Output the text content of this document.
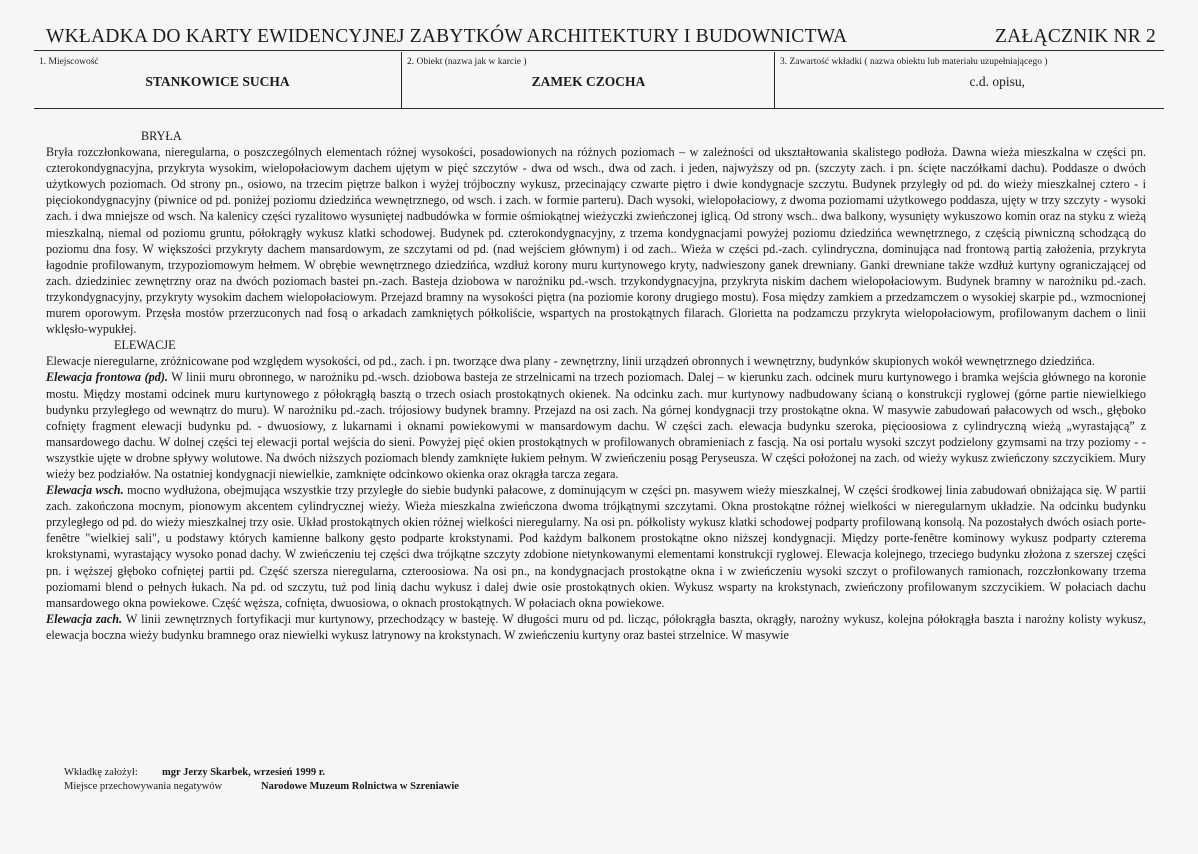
WKŁADKA DO KARTY EWIDENCYJNEJ ZABYTKÓW ARCHITEKTURY I BUDOWNICTWA	ZAŁĄCZNIK NR 2
1. Miejscowość
STANKOWICE SUCHA
2. Obiekt (nazwa jak w karcie )
ZAMEK CZOCHA
3. Zawartość wkładki ( nazwa obiektu lub materiału uzupełniającego )
c.d. opisu,

BRYŁA

Bryła rozczłonkowana, nieregularna, o poszczególnych elementach różnej wysokości, posadowionych na różnych poziomach – w zależności od ukształtowania skalistego podłoża. Dawna wieża mieszkalna w części pn. czterokondygnacyjna, przykryta wysokim, wielopołaciowym dachem ujętym w pięć szczytów - dwa od wsch., dwa od zach. i jeden, najwyższy od pn. (szczyty zach. i pn. ścięte naczółkami dachu). Poddasze o dwóch użytkowych poziomach. Od strony pn., osiowo, na trzecim piętrze balkon i wyżej trójboczny wykusz, przecinający czwarte piętro i dwie kondygnacje szczytu. Budynek przyległy od pd. do wieży mieszkalnej cztero - i pięciokondygnacyjny (piwnice od pd. poniżej poziomu dziedzińca wewnętrznego, od wsch. i zach. w formie parteru). Dach wysoki, wielopołaciowy, z dwoma poziomami użytkowego poddasza, ujęty w trzy szczyty - wysoki zach. i dwa mniejsze od wsch. Na kalenicy części ryzalitowo wysuniętej nadbudówka w formie ośmiokątnej wieżyczki zwieńczonej iglicą. Od strony wsch.. dwa balkony, wysunięty wykuszowo komin oraz na styku z wieżą mieszkalną, niemal od poziomu gruntu, półokrągły wykusz klatki schodowej. Budynek pd. czterokondygnacyjny, z trzema kondygnacjami powyżej poziomu dziedzińca wewnętrznego, z częścią piwniczną schodzącą do poziomu dna fosy. W większości przykryty dachem mansardowym, ze szczytami od pd. (nad wejściem głównym) i od zach.. Wieża w części pd.-zach. cylindryczna, dominująca nad frontową partią założenia, przykryta łagodnie profilowanym, trzypoziomowym hełmem. W obrębie wewnętrznego dziedzińca, wzdłuż korony muru kurtynowego kryty, nadwieszony ganek drewniany. Ganki drewniane także wzdłuż kurtyny ograniczającej od zach. dziedziniec zewnętrzny oraz na dwóch poziomach bastei pn.-zach. Basteja dziobowa w narożniku pd.-wsch. trzykondygnacyjna, przykryta niskim dachem wielopołaciowym. Budynek bramny w narożniku pd.-zach. trzykondygnacyjny, przykryty wysokim dachem wielopołaciowym. Przejazd bramny na wysokości piętra (na poziomie korony drugiego mostu). Fosa między zamkiem a przedzamczem o wysokiej skarpie pd., wzmocnionej murem oporowym. Przęsła mostów przerzuconych nad fosą o arkadach zamkniętych półkoliście, wspartych na prostokątnych filarach. Glorietta na podzamczu przykryta wielopołaciowym, profilowanym dachem o linii wklęsło-wypukłej.

ELEWACJE

Elewacje nieregularne, zróżnicowane pod względem wysokości, od pd., zach. i pn. tworzące dwa plany - zewnętrzny, linii urządzeń obronnych i wewnętrzny, budynków skupionych wokół wewnętrznego dziedzińca.

Elewacja frontowa (pd). W linii muru obronnego, w narożniku pd.-wsch. dziobowa basteja ze strzelnicami na trzech poziomach. Dalej – w kierunku zach. odcinek muru kurtynowego i bramka wejścia głównego na koronie mostu. Między mostami odcinek muru kurtynowego z półokrągłą basztą o trzech osiach prostokątnych okienek. Na odcinku zach. mur kurtynowy nadbudowany ścianą o konstrukcji ryglowej (górne partie niewielkiego budynku przyległego od wewnątrz do muru). W narożniku pd.-zach. trójosiowy budynek bramny. Przejazd na osi zach. Na górnej kondygnacji trzy prostokątne okna. W masywie zabudowań pałacowych od wsch., głęboko cofnięty fragment elewacji budynku pd. - dwuosiowy, z lukarnami i oknami powiekowymi w mansardowym dachu. W części zach. elewacja budynku szeroka, pięcioosiowa z cylindryczną wieżą „wyrastającą” z mansardowego dachu. W dolnej części tej elewacji portal wejścia do sieni. Powyżej pięć okien prostokątnych w profilowanych obramieniach z fascją. Na osi portalu wysoki szczyt podzielony gzymsami na trzy poziomy - - wszystkie ujęte w drobne spływy wolutowe. Na dwóch niższych poziomach blendy zamknięte łukiem pełnym. W zwieńczeniu posąg Peryseusza. W części położonej na zach. od wieży wykusz zwieńczony szczycikiem. Mury wieży bez podziałów. Na ostatniej kondygnacji niewielkie, zamknięte odcinkowo okienka oraz okrągła tarcza zegara.

Elewacja wsch. mocno wydłużona, obejmująca wszystkie trzy przyległe do siebie budynki pałacowe, z dominującym w części pn. masywem wieży mieszkalnej, W części środkowej linia zabudowań obniżająca się. W partii zach. zakończona mocnym, pionowym akcentem cylindrycznej wieży. Wieża mieszkalna zwieńczona dwoma trójkątnymi szczytami. Okna prostokątne różnej wielkości w nieregularnym układzie. Na odcinku budynku przyległego od pd. do wieży mieszkalnej trzy osie. Układ prostokątnych okien różnej wielkości nieregularny. Na osi pn. półkolisty wykusz klatki schodowej podparty profilowaną konsolą. Na pozostałych dwóch osiach porte-fenêtre "wielkiej sali", u podstawy których kamienne balkony gęsto podparte krokstynami. Pod każdym balkonem prostokątne okno niższej kondygnacji. Między porte-fenêtre kominowy wykusz podparty czterema krokstynami, wyrastający wysoko ponad dachy. W zwieńczeniu tej części dwa trójkątne szczyty zdobione nietynkowanymi elementami konstrukcji ryglowej. Elewacja kolejnego, trzeciego budynku złożona z szerszej części pn. i węższej głęboko cofniętej partii pd. Część szersza nieregularna, czteroosiowa. Na osi pn., na kondygnacjach prostokątne okna i w zwieńczeniu wysoki szczyt o profilowanych ramionach, rozczłonkowany trzema poziomami blend o pełnych łukach. Na pd. od szczytu, tuż pod linią dachu wykusz i dalej dwie osie prostokątnych okien. Wykusz wsparty na krokstynach, zwieńczony profilowanym szczycikiem. W połaciach dachu mansardowego okna powiekowe. Część węższa, cofnięta, dwuosiowa, o oknach prostokątnych. W połaciach okna powiekowe.

Elewacja zach. W linii zewnętrznych fortyfikacji mur kurtynowy, przechodzący w basteję. W długości muru od pd. licząc, półokrągła baszta, okrągły, narożny wykusz, kolejna półokrągła baszta i narożny kolisty wykusz, elewacja boczna wieży budynku bramnego oraz niewielki wykusz latrynowy na krokstynach. W zwieńczeniu kurtyny oraz bastei strzelnice. W masywie

Wkładkę założył: mgr Jerzy Skarbek, wrzesień 1999 r.
Miejsce przechowywania negatywów	Narodowe Muzeum Rolnictwa w Szreniawie
